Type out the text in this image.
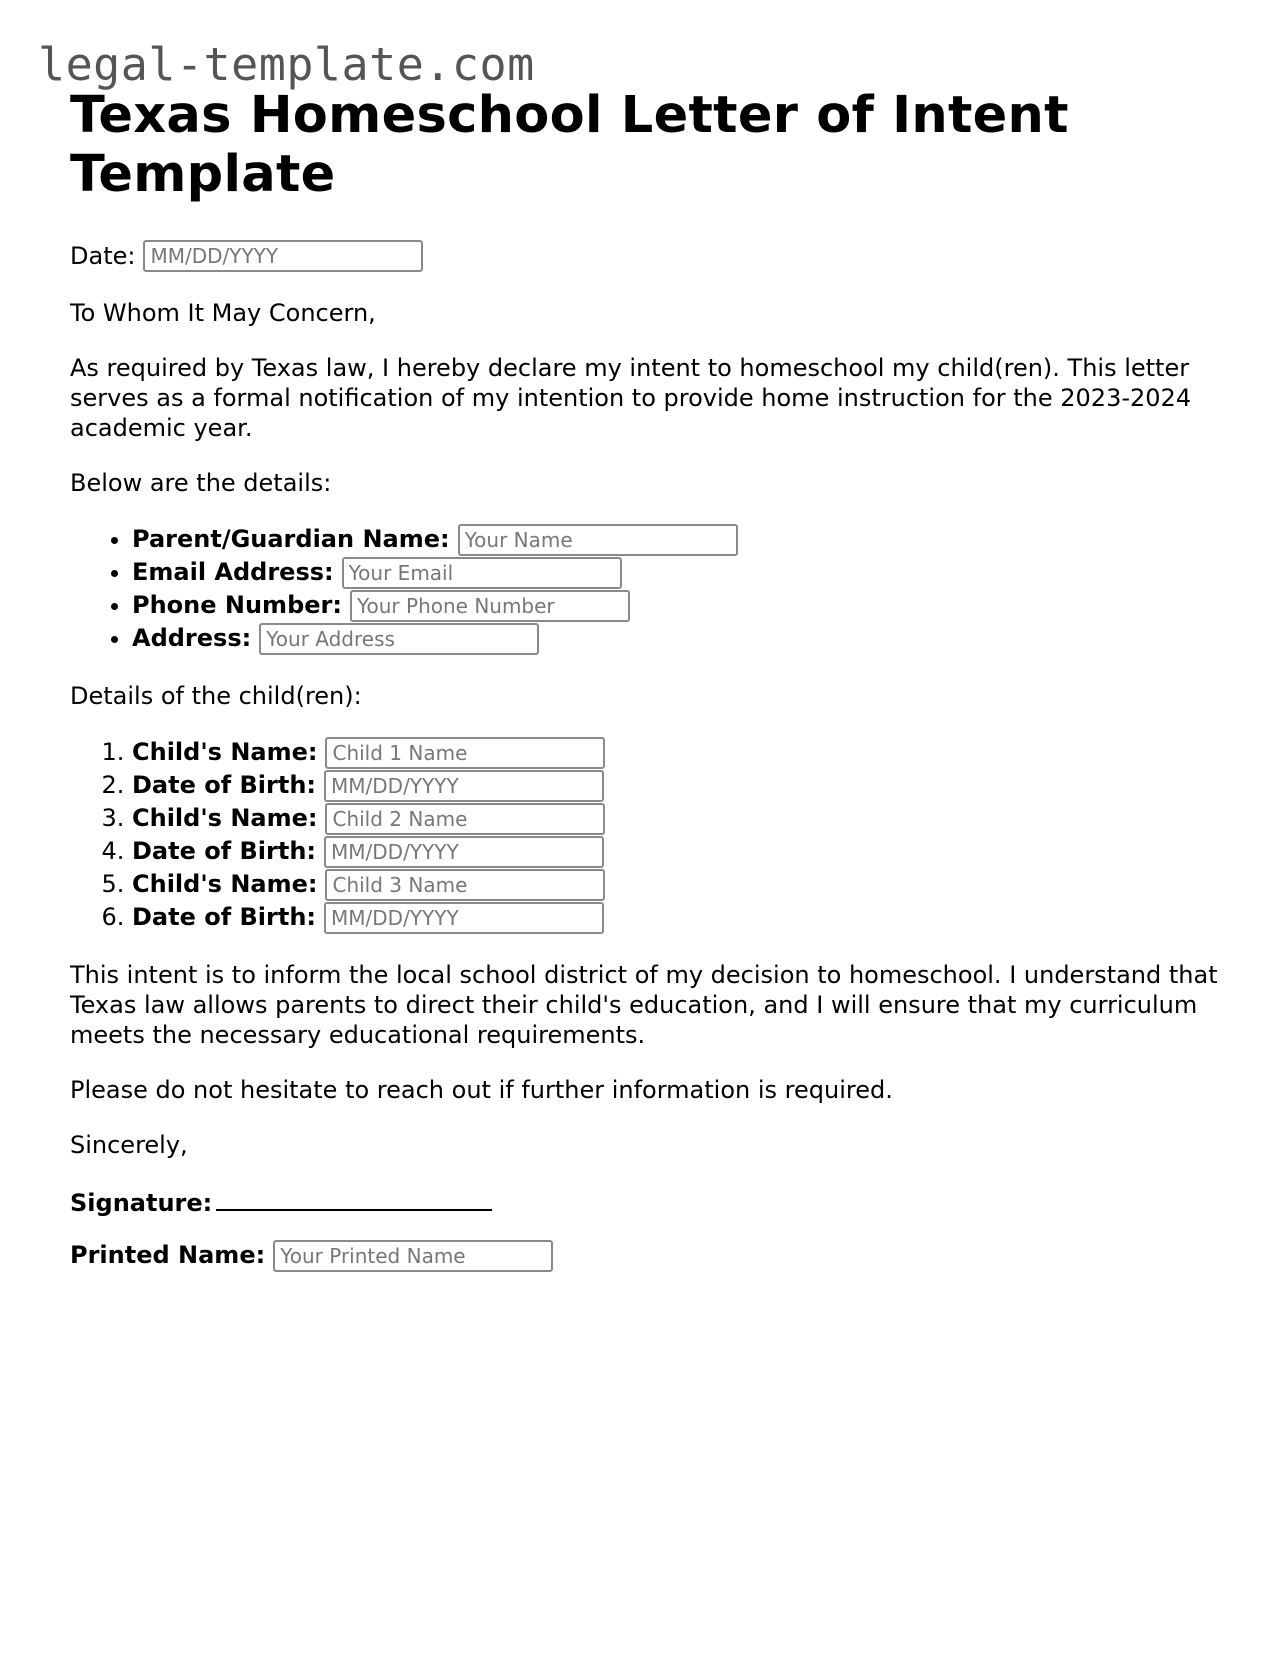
legal-template.com
Texas Homeschool Letter of Intent Template
Date:
MM/DD/YYYY

To Whom It May Concern,

As required by Texas law, I hereby declare my intent to homeschool my child(ren). This letter serves as a formal notification of my intention to provide home instruction for the 2023-2024 academic year.

Below are the details:

• Parent/Guardian Name:Your Name
• Email Address:Your Email
• Phone Number:Your Phone Number
• Address:Your Address

Details of the child(ren):

1. Child's Name:Child 1 Name
2. Date of Birth:MM/DD/YYYY
3. Child's Name:Child 2 Name
4. Date of Birth:MM/DD/YYYY
5. Child's Name:Child 3 Name
6. Date of Birth:MM/DD/YYYY

This intent is to inform the local school district of my decision to homeschool. I understand that Texas law allows parents to direct their child's education, and I will ensure that my curriculum meets the necessary educational requirements.

Please do not hesitate to reach out if further information is required.

Sincerely,

Signature:
Printed Name:Your Printed Name
